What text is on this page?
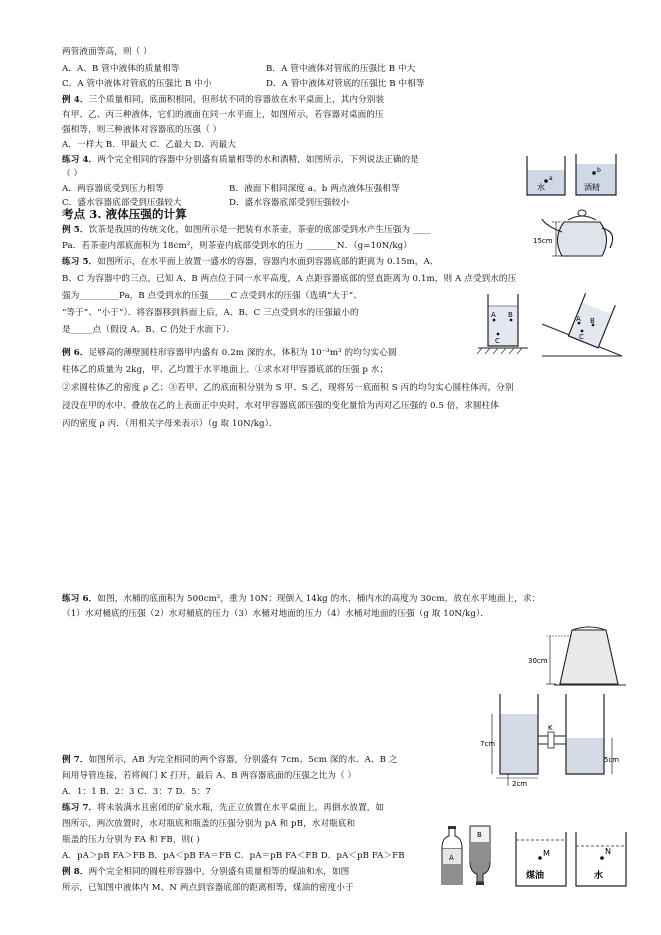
两管液面等高，则（ ）
A．A、B 管中液体的质量相等	B．A 管中液体对管底的压强比 B 中大
C．A 管中液体对管底的压强比 B 中小	D．A 管中液体对管底的压强比 B 中相等
例 4．三个质量相同，底面积相同，但形状不同的容器放在水平桌面上，其内分别装
有甲、乙、丙三种液体，它们的液面在同一水平面上，如图所示，若容器对桌面的压
强相等，则三种液体对容器底的压强（ ）
A．一样大 B．甲最大 C．乙最大 D．丙最大
练习 4．两个完全相同的容器中分别盛有质量相等的水和酒精，如图所示，下列说法正确的是
（ ）
A．两容器底受到压力相等	B．液面下相同深度 a、b 两点液体压强相等
C．盛水容器底部受到压强较大	D．盛水容器底部受到压强较小
水	酒精
a
b
考点 3. 液体压强的计算
例 5．饮茶是我国的传统文化，如图所示是一把装有水茶壶，茶壶的底部受到水产生压强为 ____
Pa．若茶壶内部底面积为 18cm²，则茶壶内底部受到水的压力 _______N．（g=10N/kg）	15cm
练习 5．如图所示，在水平面上放置一盛水的容器，容器内水面到容器底部的距离为 0.15m，A、
B、C 为容器中的三点，已知 A、B 两点位于同一水平高度，A 点距容器底部的竖直距离为 0.1m，则 A 点受到水的压
强为_________Pa，B 点受到水的压强_____C 点受到水的压强（选填“大于”、
“等于”、“小于”）．将容器移到斜面上后，A、B、C 三点受到水的压强最小的
是_____点（假设 A、B、C 仍处于水面下）．
A B
C
A B
C
例 6．足够高的薄壁圆柱形容器甲内盛有 0.2m 深的水，体积为 10⁻³m³ 的均匀实心圆
柱体乙的质量为 2kg，甲、乙均置于水平地面上．①求水对甲容器底部的压强 p 水；
②求圆柱体乙的密度 ρ 乙；③若甲、乙的底面积分别为 S 甲、S 乙，现将另一底面积 S 丙的均匀实心圆柱体丙，分别
浸没在甲的水中、叠放在乙的上表面正中央时，水对甲容器底部压强的变化量恰为丙对乙压强的 0.5 倍，求圆柱体
丙的密度 ρ 丙．（用相关字母来表示）（g 取 10N/kg）．
练习 6．如图，水桶的底面积为 500cm²，重为 10N；现倒入 14kg 的水，桶内水的高度为 30cm，放在水平地面上，求：
（1）水对桶底的压强（2）水对桶底的压力（3）水桶对地面的压力（4）水桶对地面的压强（g 取 10N/kg）．
30cm
K
7cm
2cm
5cm
例 7．如图所示，AB 为完全相同的两个容器，分别盛有 7cm、5cm 深的水．A、B 之
间用导管连接，若将阀门 K 打开，最后 A、B 两容器底面的压强之比为（ ）
A．1：1 B．2：3 C．3：7 D．5：7
练习 7．将未装满水且密闭的矿泉水瓶，先正立放置在水平桌面上，再倒水放置，如
图所示，两次放置时，水对瓶底和瓶盖的压强分别为 pA 和 pB，水对瓶底和
瓶盖的压力分别为 FA 和 FB，则( )
A．pA＞pB FA＞FB B．pA＜pB FA＝FB C．pA＝pB FA＜FB D．pA＜pB FA＞FB
例 8．两个完全相同的圆柱形容器中，分别盛有质量相等的煤油和水，如图
所示，已知图中液体内 M、N 两点到容器底部的距离相等，煤油的密度小于
A
B
M	N
煤油	水
